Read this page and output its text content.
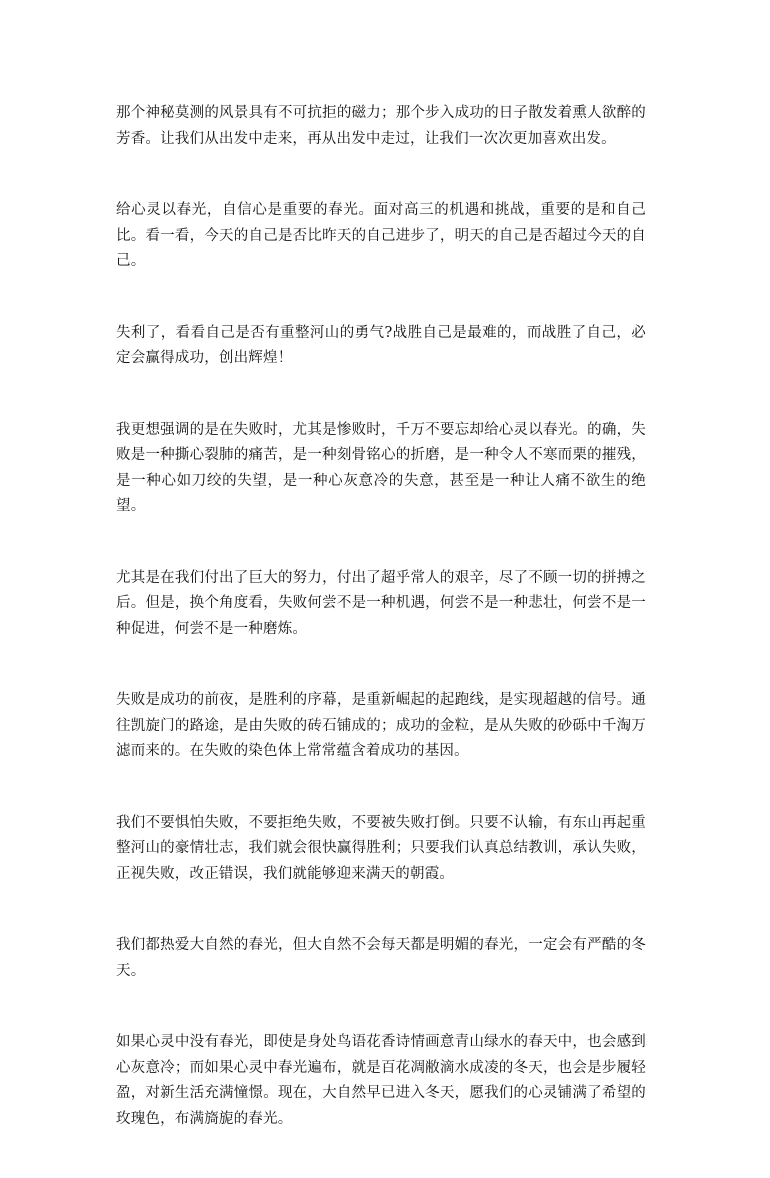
那个神秘莫测的风景具有不可抗拒的磁力；那个步入成功的日子散发着熏人欲醉的芳香。让我们从出发中走来，再从出发中走过，让我们一次次更加喜欢出发。

给心灵以春光，自信心是重要的春光。面对高三的机遇和挑战，重要的是和自己比。看一看，今天的自己是否比昨天的自己进步了，明天的自己是否超过今天的自己。

失利了，看看自己是否有重整河山的勇气?战胜自己是最难的，而战胜了自己，必定会赢得成功，创出辉煌！

我更想强调的是在失败时，尤其是惨败时，千万不要忘却给心灵以春光。的确，失败是一种撕心裂肺的痛苦，是一种刻骨铭心的折磨，是一种令人不寒而栗的摧残，是一种心如刀绞的失望，是一种心灰意冷的失意，甚至是一种让人痛不欲生的绝望。

尤其是在我们付出了巨大的努力，付出了超乎常人的艰辛，尽了不顾一切的拼搏之后。但是，换个角度看，失败何尝不是一种机遇，何尝不是一种悲壮，何尝不是一种促进，何尝不是一种磨炼。

失败是成功的前夜，是胜利的序幕，是重新崛起的起跑线，是实现超越的信号。通往凯旋门的路途，是由失败的砖石铺成的；成功的金粒，是从失败的砂砾中千淘万滤而来的。在失败的染色体上常常蕴含着成功的基因。

我们不要惧怕失败，不要拒绝失败，不要被失败打倒。只要不认输，有东山再起重整河山的豪情壮志，我们就会很快赢得胜利；只要我们认真总结教训，承认失败，正视失败，改正错误，我们就能够迎来满天的朝霞。

我们都热爱大自然的春光，但大自然不会每天都是明媚的春光，一定会有严酷的冬天。

如果心灵中没有春光，即使是身处鸟语花香诗情画意青山绿水的春天中，也会感到心灰意冷；而如果心灵中春光遍布，就是百花凋敝滴水成凌的冬天，也会是步履轻盈，对新生活充满憧憬。现在，大自然早已进入冬天，愿我们的心灵铺满了希望的玫瑰色，布满旖旎的春光。
